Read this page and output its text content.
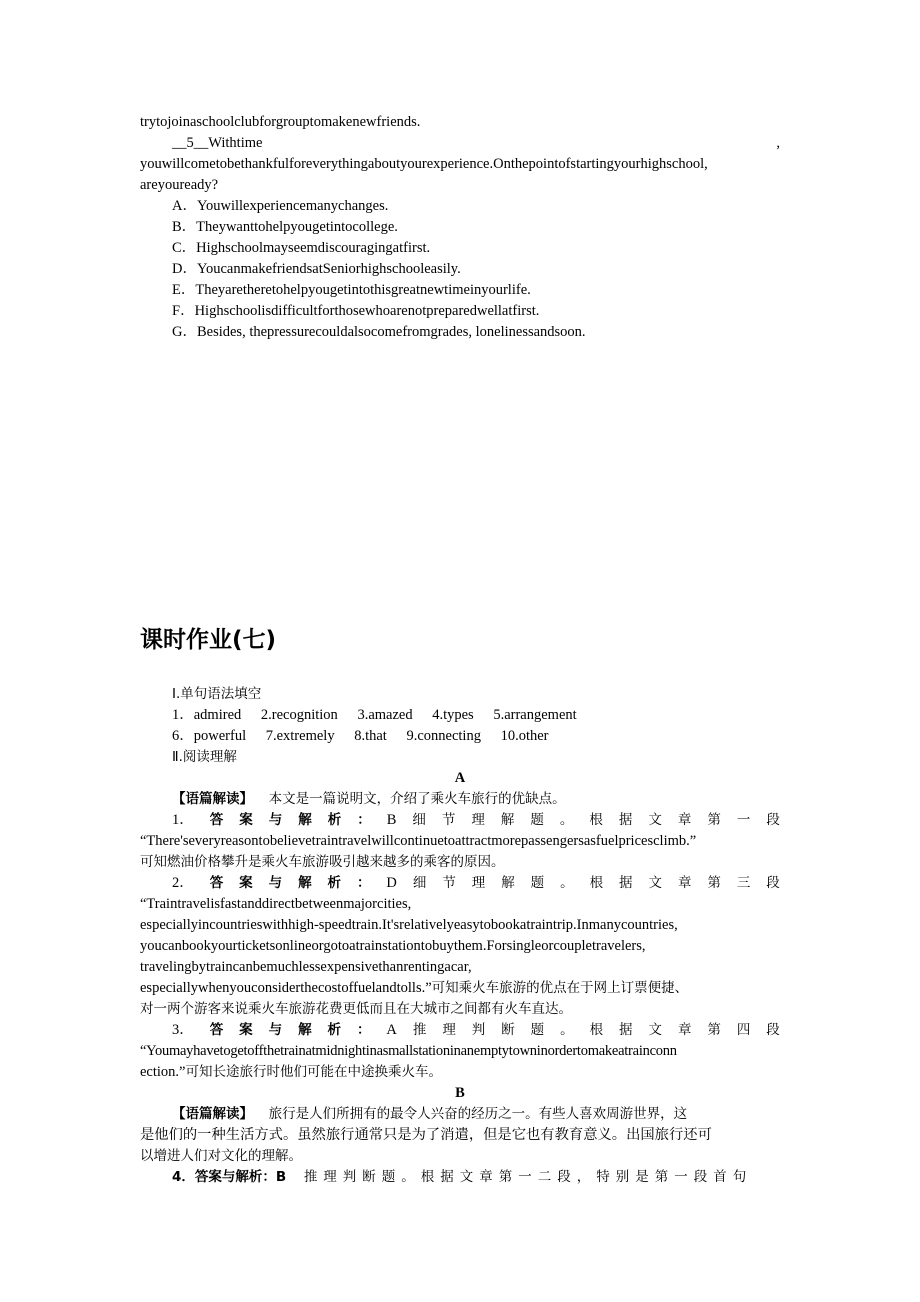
trytojoinaschoolclubforgrouptomakenewfriends.
__5__Withtime	,
youwillcometobethankfulforeverythingaboutyourexperience.Onthepointofstartingyourhighschool,
areyouready?
A．Youwillexperiencemanychanges.
B．Theywanttohelpyougetintocollege.
C．Highschoolmayseemdiscouragingatfirst.
D．YoucanmakefriendsatSeniorhighschooleasily.
E．Theyaretheretohelpyougetintothisgreatnewtimeinyourlife.
F．Highschoolisdifficultforthosewhoarenotpreparedwellatfirst.
G．Besides, thepressurecouldalsocomefromgrades, lonelinessandsoon.
课时作业(七)
Ⅰ.单句语法填空
1．admired 2.recognition 3.amazed 4.types 5.arrangement
6．powerful 7.extremely 8.that 9.connecting 10.other
Ⅱ.阅读理解
A
【语篇解读】 本文是一篇说明文，介绍了乘火车旅行的优缺点。
1． 答 案 与 解 析 ： B 细 节 理 解 题 。 根 据 文 章 第 一 段
“There'severyreasontobelievetraintravelwillcontinuetoattractmorepassengersasfuelpricesclimb.”
可知燃油价格攀升是乘火车旅游吸引越来越多的乘客的原因。
2． 答 案 与 解 析 ： D 细 节 理 解 题 。 根 据 文 章 第 三 段
“Traintravelisfastanddirectbetweenmajorcities,
especiallyincountrieswithhigh-speedtrain.It'srelativelyeasytobookatraintrip.Inmanycountries,
youcanbookyourticketsonlineorgotoatrainstationtobuythem.Forsingleorcoupletravelers,
travelingbytraincanbemuchlessexpensivethanrentingacar,
especiallywhenyouconsiderthecostoffuelandtolls.”可知乘火车旅游的优点在于网上订票便捷、
对一两个游客来说乘火车旅游花费更低而且在大城市之间都有火车直达。
3． 答 案 与 解 析 ： A 推 理 判 断 题 。 根 据 文 章 第 四 段
“Youmayhavetogetoffthetrainatmidnightinasmallstationinanemptytowninordertomakeatrainconn
ection.”可知长途旅行时他们可能在中途换乘火车。
B
【语篇解读】 旅行是人们所拥有的最令人兴奋的经历之一。有些人喜欢周游世界，这
是他们的一种生活方式。虽然旅行通常只是为了消遣，但是它也有教育意义。出国旅行还可
以增进人们对文化的理解。
4．答案与解析：B 推理判断题。根据文章第一二段，特别是第一段首句
